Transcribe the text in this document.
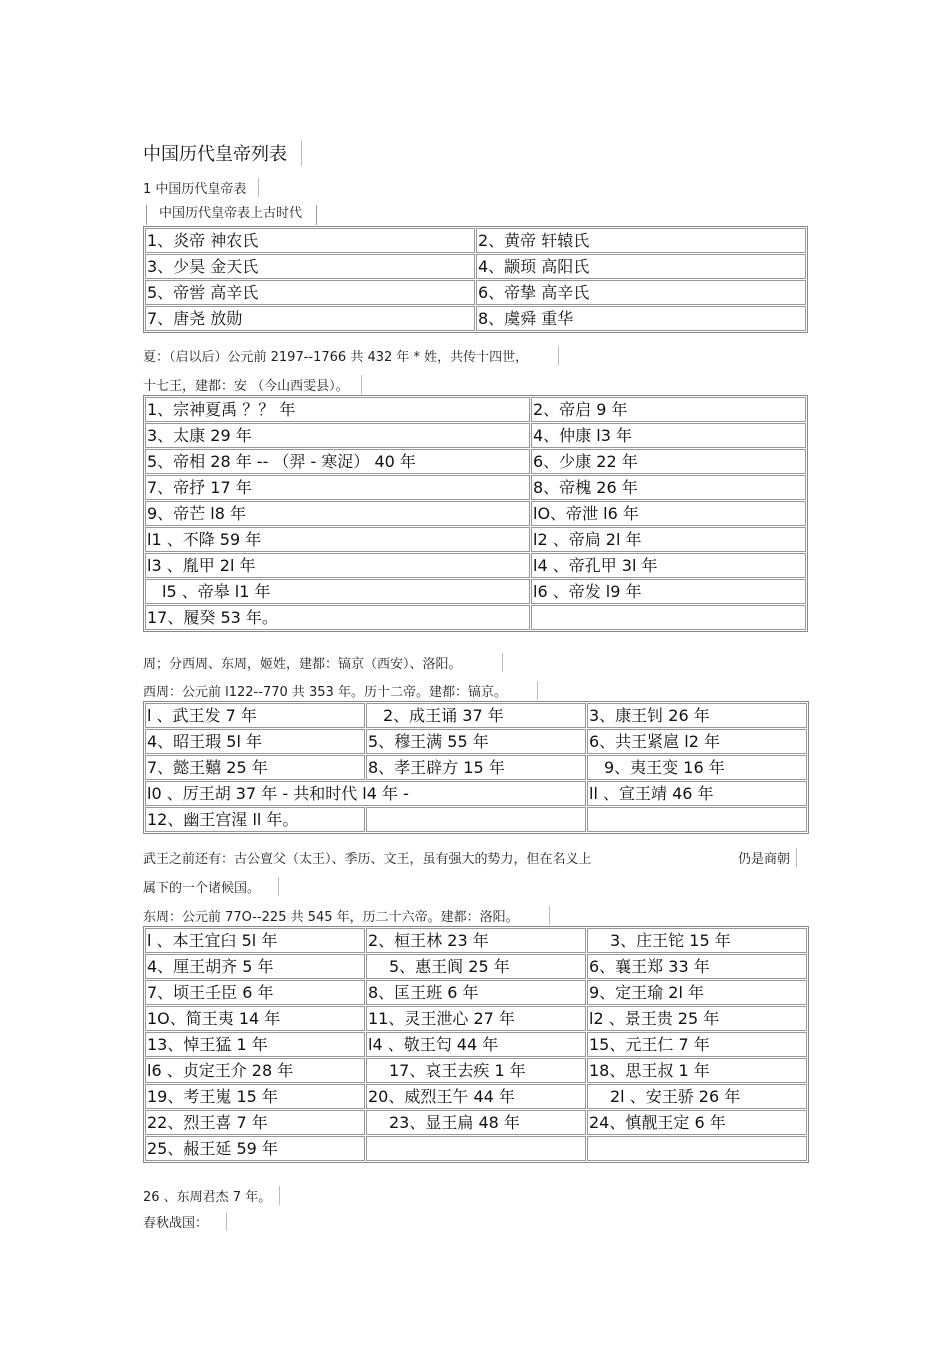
中国历代皇帝列表
1 中国历代皇帝表
中国历代皇帝表上古时代
1、炎帝 神农氏	2、黄帝 轩辕氏
3、少昊 金天氏	4、颛顼 高阳氏
5、帝喾 高辛氏	6、帝挚 高辛氏
7、唐尧 放勋	8、虞舜 重华
夏：（启以后）公元前 2197--1766 共 432 年 * 姓，共传十四世，
十七王，建都：安 （今山西雯县）。
1、宗神夏禹 ？？ 年	2、帝启 9 年
3、太康 29 年	4、仲康 l3 年
5、帝相 28 年 -- （羿 - 寒浞） 40 年	6、少康 22 年
7、帝抒 17 年	8、帝槐 26 年
9、帝芒 l8 年	lO、帝泄 l6 年
l1 、不降 59 年	l2 、帝扃 2l 年
l3 、胤甲 2l 年	l4 、帝孔甲 3l 年
l5 、帝皋 l1 年	l6 、帝发 l9 年
17、履癸 53 年。	
周；分西周、东周，姬姓，建都：镐京（西安）、洛阳。
西周：公元前 l122--770 共 353 年。历十二帝。建都：镐京。
l 、武王发 7 年	2、成王诵 37 年	3、康王钊 26 年
4、昭王瑕 5l 年	5、穆王满 55 年	6、共王紧扈 l2 年
7、懿王囏 25 年	8、孝王辟方 15 年	9、夷王变 16 年
l0 、厉王胡 37 年 - 共和时代 l4 年 -		ll 、宣王靖 46 年
12、幽王宫湦 ll 年。		
武王之前还有：古公亶父（太王）、季历、文王，虽有强大的势力，但在名义上	仍是商朝
属下的一个诸候国。
东周：公元前 77O--225 共 545 年，历二十六帝。建都：洛阳。
l 、本王宜臼 5l 年	2、桓王林 23 年	3、庄王铊 15 年
4、厘王胡齐 5 年	5、惠王阆 25 年	6、襄王郑 33 年
7、顷王壬臣 6 年	8、匡王班 6 年	9、定王瑜 2l 年
1O、简王夷 14 年	11、灵王泄心 27 年	l2 、景王贵 25 年
13、悼王猛 1 年	l4 、敬王匄 44 年	15、元王仁 7 年
l6 、贞定王介 28 年	17、哀王去疾 1 年	18、思王叔 1 年
19、考王嵬 15 年	20、威烈王午 44 年	2l 、安王骄 26 年
22、烈王喜 7 年	23、显王扁 48 年	24、慎靓王定 6 年
25、赧王延 59 年		
26 、东周君杰 7 年。
春秋战国：
